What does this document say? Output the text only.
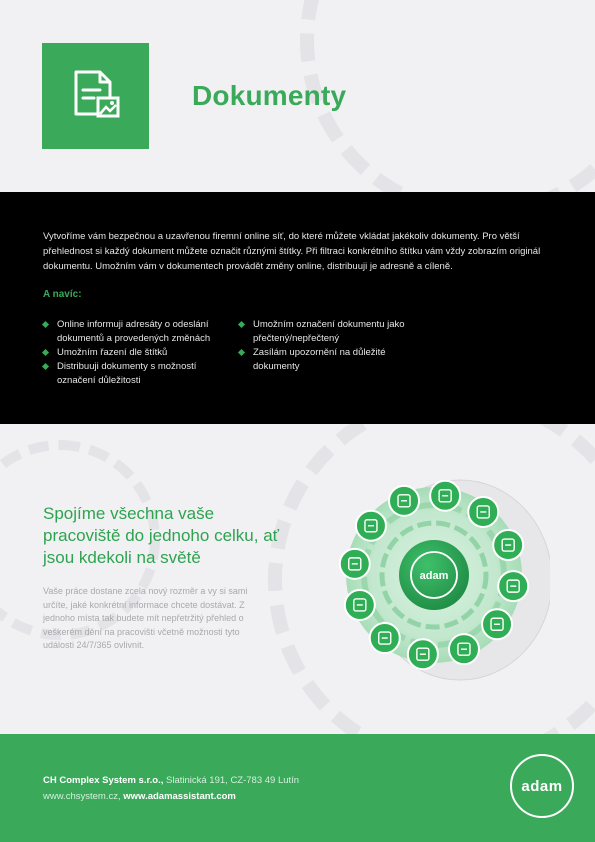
Dokumenty

Vytvoříme vám bezpečnou a uzavřenou firemní online síť, do které můžete vkládat jakékoliv dokumenty. Pro větší přehlednost si každý dokument můžete označit různými štítky. Při filtraci konkrétního štítku vám vždy zobrazím originál dokumentu. Umožním vám v dokumentech provádět změny online, distribuuji je adresně a cíleně.

A navíc:

Online informuji adresáty o odeslání dokumentů a provedených změnách
Umožním řazení dle štítků
Distribuuji dokumenty s možností označení důležitosti
Umožním označení dokumentu jako přečtený/nepřečtený
Zasílám upozornění na důležité dokumenty
Spojíme všechna vaše pracoviště do jednoho celku, ať jsou kdekoli na světě

Vaše práce dostane zcela nový rozměr a vy si sami určíte, jaké konkrétní informace chcete dostávat. Z jednoho místa tak budete mít nepřetržitý přehled o veškerém dění na pracovišti včetně možnosti tyto události 24/7/365 ovlivnit.

adam
CH Complex System s.r.o., Slatinická 191, CZ-783 49 Lutín
www.chsystem.cz, www.adamassistant.com
adam
